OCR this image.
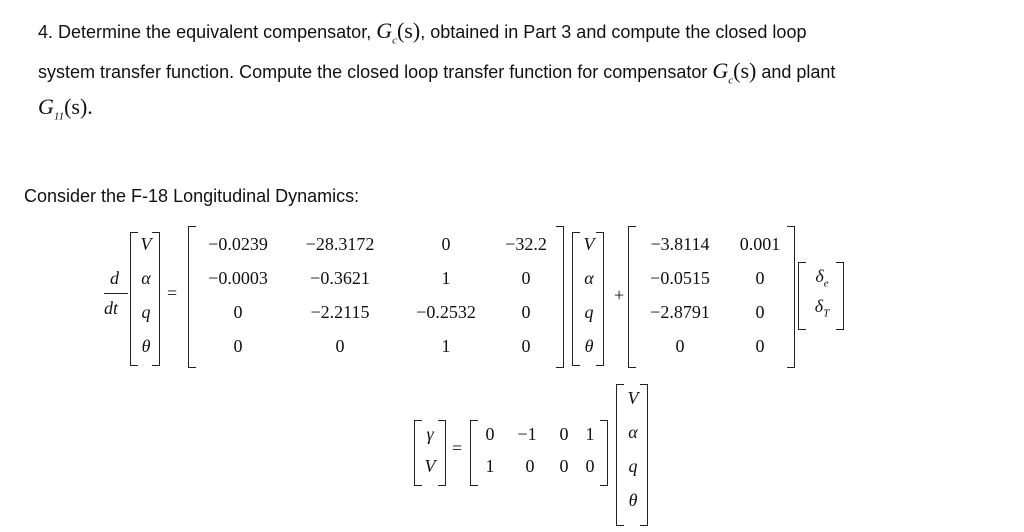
4. Determine the equivalent compensator, $G_c(s)$, obtained in Part 3 and compute the closed loop
system transfer function. Compute the closed loop transfer function for compensator $G_c(s)$ and plant
$G_{11}(s)$.
Consider the F-18 Longitudinal Dynamics:
d
dt
V
α
q
θ
=
−0.0239	−28.3172	0	−32.2
−0.0003	−0.3621	1	0
0	−2.2115	−0.2532	0
0	0	1	0
V
α
q
θ
+
−3.8114	0.001
−0.0515	0
−2.8791	0
0	0
$\delta_e$
$\delta_T$
γ
V
=
0	−1	0 1
1	0	0 0
V
α
q
θ
